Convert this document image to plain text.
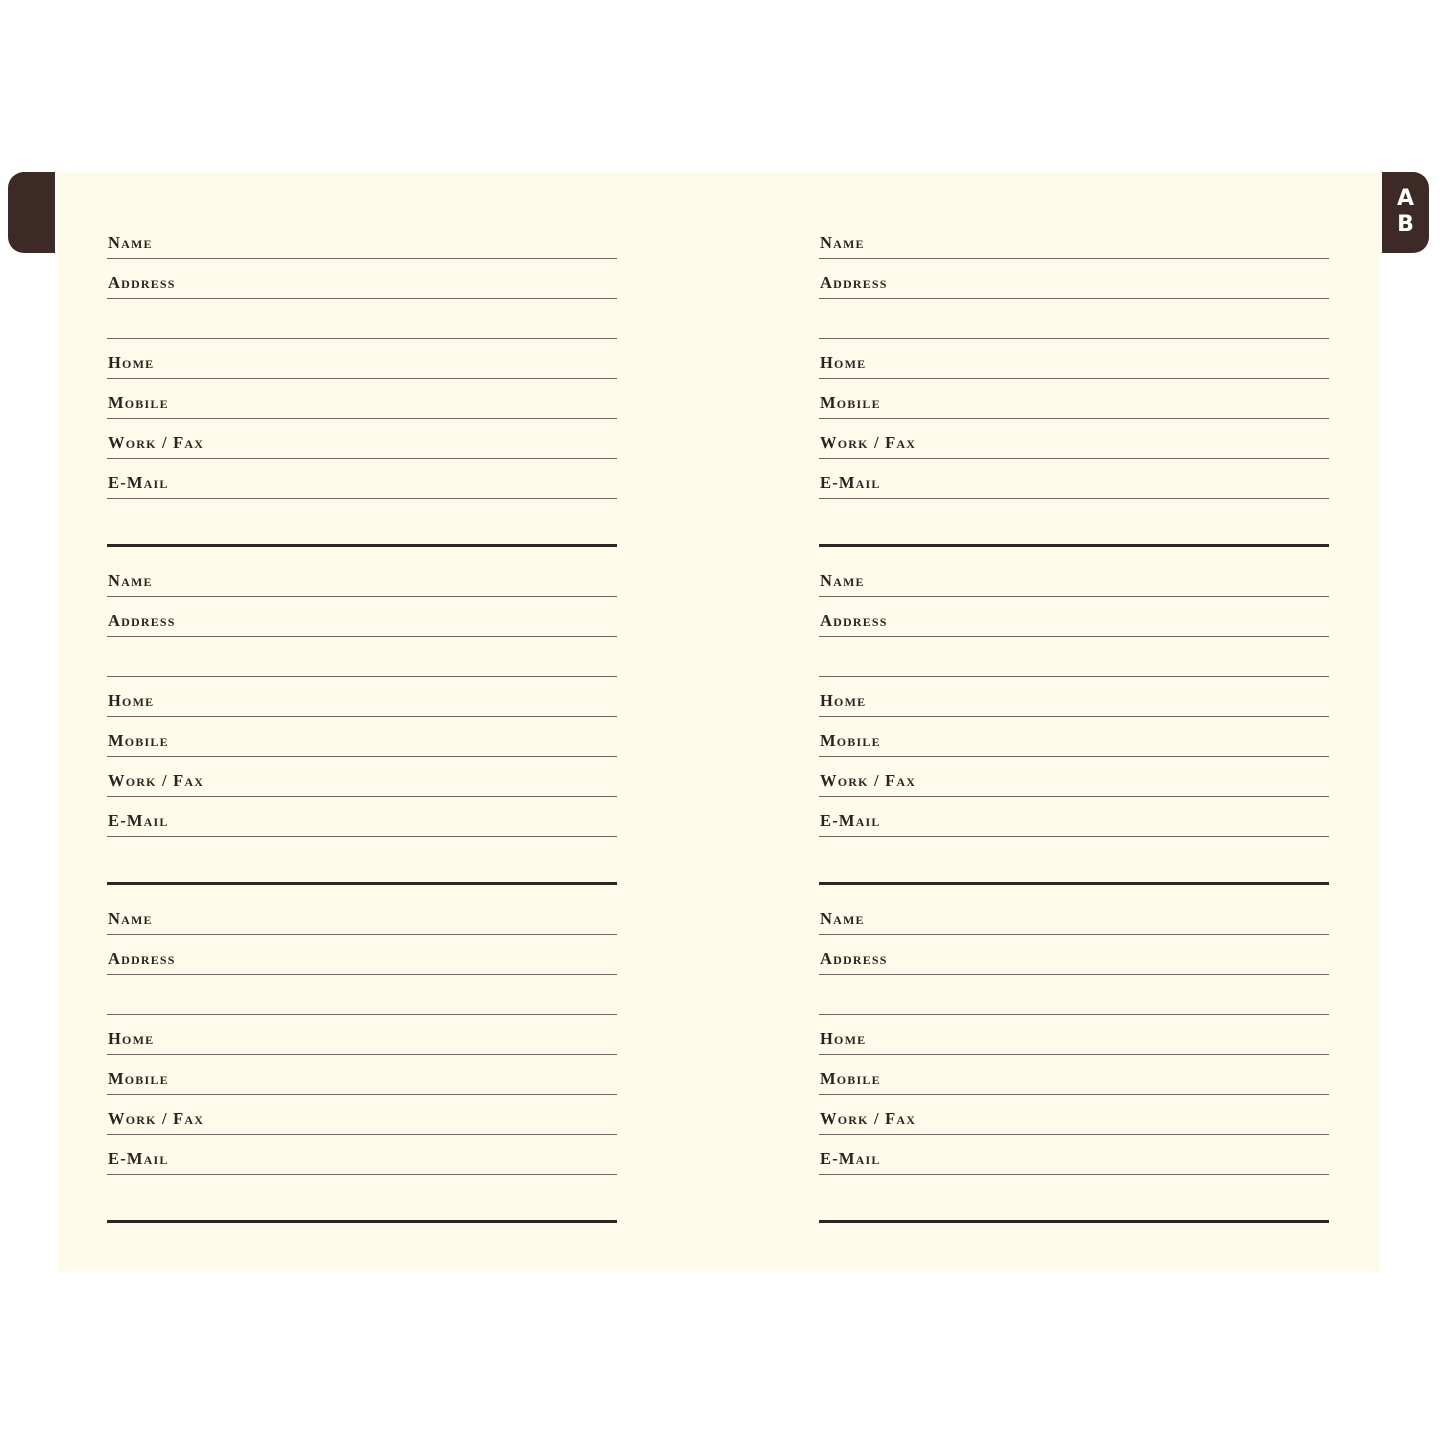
A
B
Name
Address
Home
Mobile
Work / Fax
E-Mail
Name
Address
Home
Mobile
Work / Fax
E-Mail
Name
Address
Home
Mobile
Work / Fax
E-Mail
Name
Address
Home
Mobile
Work / Fax
E-Mail
Name
Address
Home
Mobile
Work / Fax
E-Mail
Name
Address
Home
Mobile
Work / Fax
E-Mail
